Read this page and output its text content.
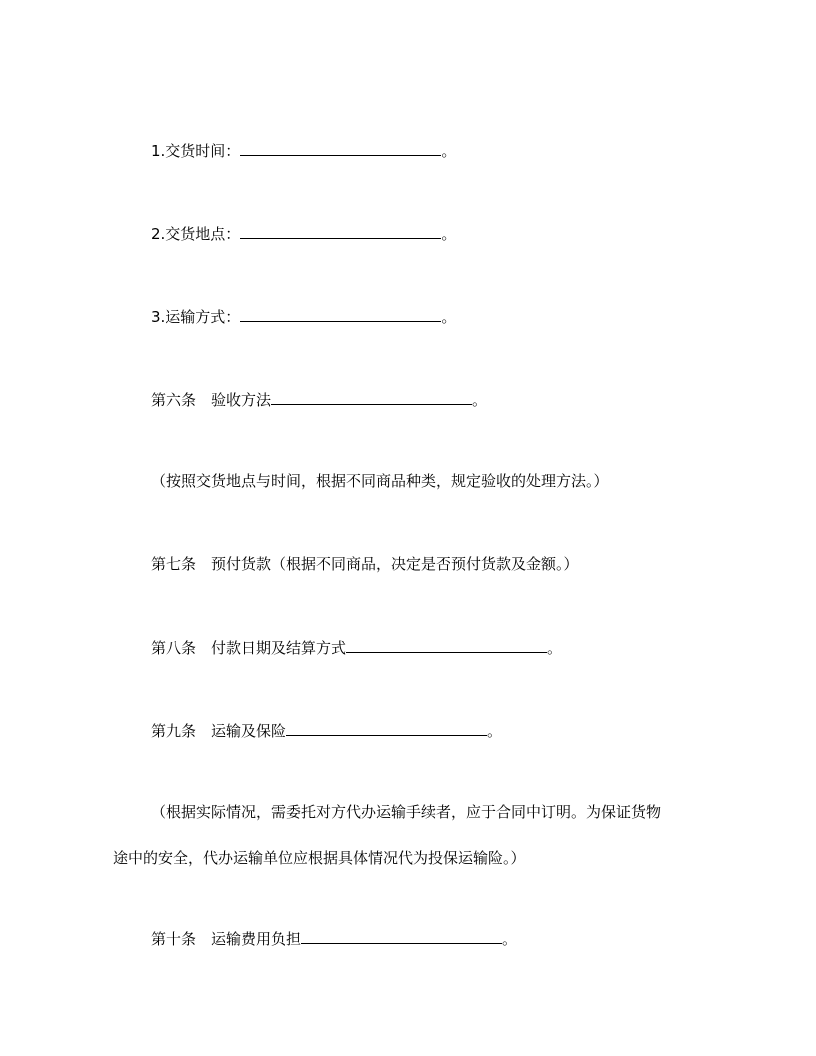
1.交货时间：	。
2.交货地点：	。
3.运输方式：	。
第六条 验收方法	。
（按照交货地点与时间，根据不同商品种类，规定验收的处理方法。）
第七条 预付货款（根据不同商品，决定是否预付货款及金额。）
第八条 付款日期及结算方式	。
第九条 运输及保险	。
（根据实际情况，需委托对方代办运输手续者，应于合同中订明。为保证货物
途中的安全，代办运输单位应根据具体情况代为投保运输险。）
第十条 运输费用负担	。
